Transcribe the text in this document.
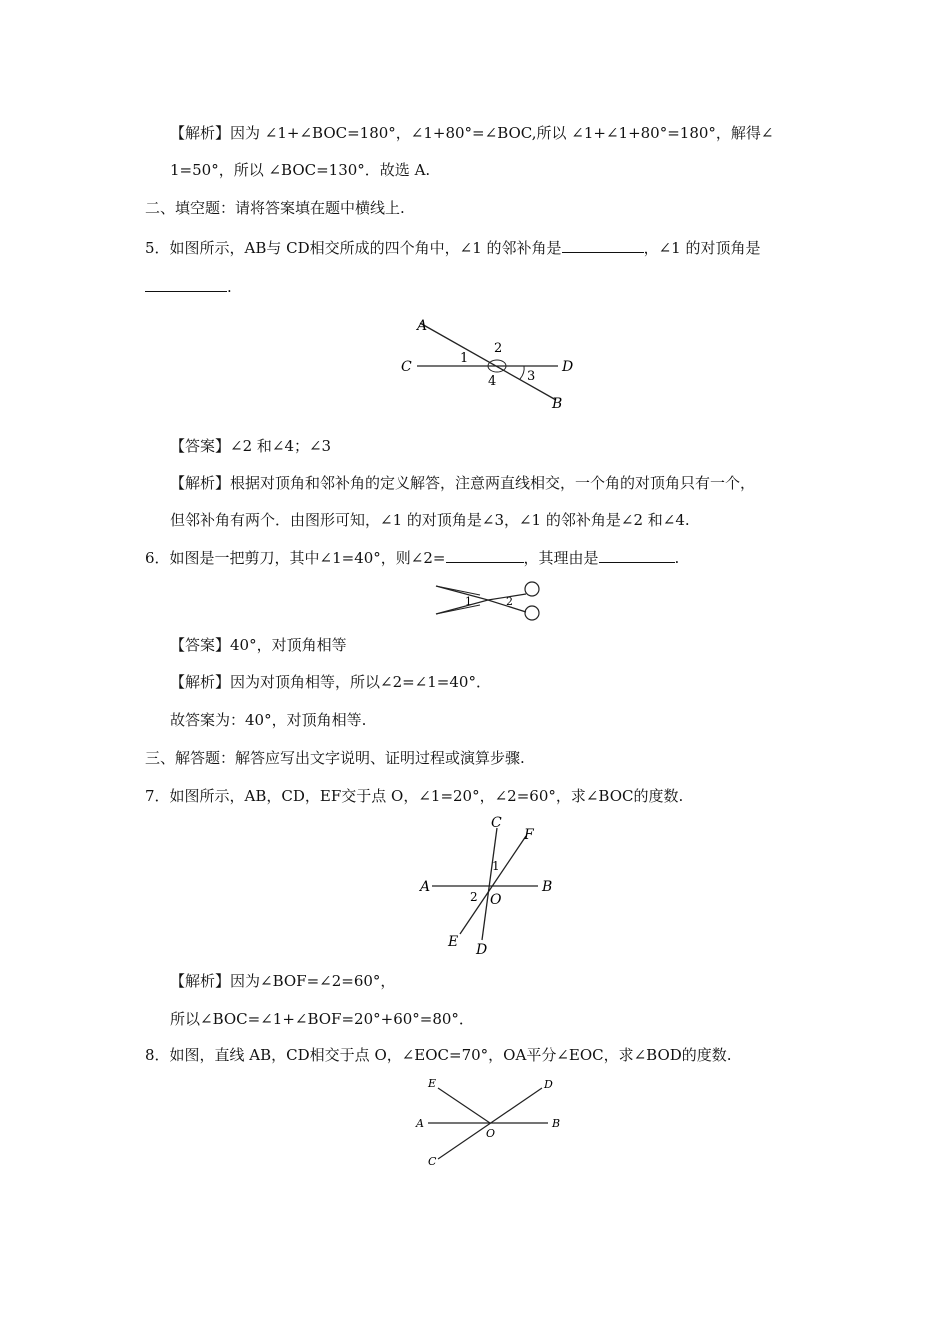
【解析】因为 ∠1+∠BOC=180°，∠1+80°=∠BOC,所以 ∠1+∠1+80°=180°，解得∠
1=50°，所以 ∠BOC=130°．故选 A.
二、填空题：请将答案填在题中横线上.
5．如图所示，AB与 CD相交所成的四个角中，∠1 的邻补角是	，∠1 的对顶角是
.
A
B
C	D
1
2
3
4
【答案】∠2 和∠4；∠3
【解析】根据对顶角和邻补角的定义解答，注意两直线相交，一个角的对顶角只有一个，
但邻补角有两个．由图形可知，∠1 的对顶角是∠3，∠1 的邻补角是∠2 和∠4.
6．如图是一把剪刀，其中∠1=40°，则∠2=	，其理由是	.
1	2
【答案】40°，对顶角相等
【解析】因为对顶角相等，所以∠2=∠1=40°．
故答案为：40°，对顶角相等.
三、解答题：解答应写出文字说明、证明过程或演算步骤.
7．如图所示，AB，CD，EF交于点 O，∠1=20°，∠2=60°，求∠BOC的度数.
A	B
C
D
E
F
O
1
2
【解析】因为∠BOF=∠2=60°，
所以∠BOC=∠1+∠BOF=20°+60°=80°．
8．如图，直线 AB，CD相交于点 O，∠EOC=70°，OA平分∠EOC，求∠BOD的度数.
A	B
C
D
E
O
